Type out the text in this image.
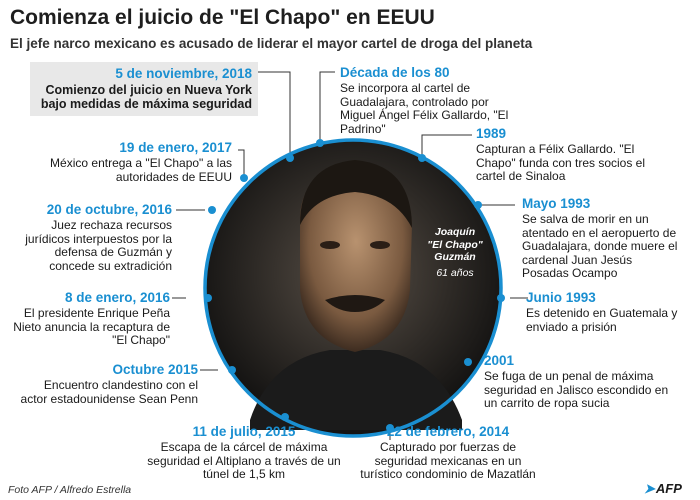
Comienza el juicio de "El Chapo" en EEUU
El jefe narco mexicano es acusado de liderar el mayor cartel de droga del planeta
Joaquín
"El Chapo"
Guzmán
61 años
5 de noviembre, 2018
Comienzo del juicio en Nueva York bajo medidas de máxima seguridad
19 de enero, 2017
México entrega a "El Chapo" a las autoridades de EEUU
20 de octubre, 2016
Juez rechaza recursos jurídicos interpuestos por la defensa de Guzmán y concede su extradición
8 de enero, 2016
El presidente Enrique Peña Nieto anuncia la recaptura de "El Chapo"
Octubre 2015
Encuentro clandestino con el actor estadounidense Sean Penn
11 de julio, 2015
Escapa de la cárcel de máxima seguridad el Altiplano a través de un túnel de 1,5 km
Década de los 80
Se incorpora al cartel de Guadalajara, controlado por Miguel Ángel Félix Gallardo, "El Padrino"	1989
Capturan a Félix Gallardo. "El Chapo" funda con tres socios el cartel de Sinaloa
Mayo 1993
Se salva de morir en un atentado en el aeropuerto de Guadalajara, donde muere el cardenal Juan Jesús Posadas Ocampo
Junio 1993
Es detenido en Guatemala y enviado a prisión
2001
Se fuga de un penal de máxima seguridad en Jalisco escondido en un carrito de ropa sucia
22 de febrero, 2014
Capturado por fuerzas de seguridad mexicanas en un turístico condominio de Mazatlán
Foto AFP / Alfredo Estrella	➤AFP
